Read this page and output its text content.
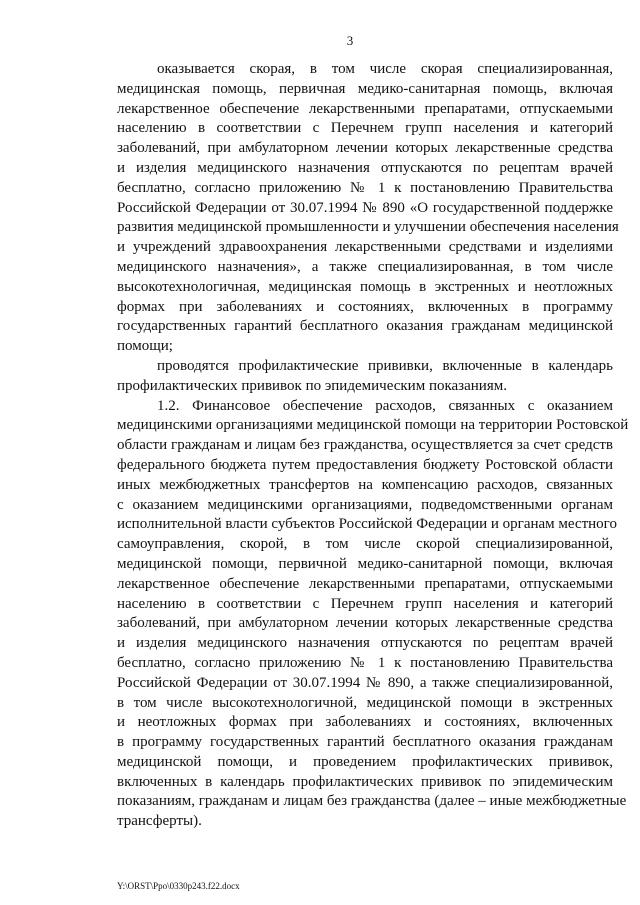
3
оказывается скорая, в том числе скорая специализированная,
медицинская помощь, первичная медико-санитарная помощь, включая
лекарственное обеспечение лекарственными препаратами, отпускаемыми
населению в соответствии с Перечнем групп населения и категорий
заболеваний, при амбулаторном лечении которых лекарственные средства
и изделия медицинского назначения отпускаются по рецептам врачей
бесплатно, согласно приложению № 1 к постановлению Правительства
Российской Федерации от 30.07.1994 № 890 «О государственной поддержке
развития медицинской промышленности и улучшении обеспечения населения
и учреждений здравоохранения лекарственными средствами и изделиями
медицинского назначения», а также специализированная, в том числе
высокотехнологичная, медицинская помощь в экстренных и неотложных
формах при заболеваниях и состояниях, включенных в программу
государственных гарантий бесплатного оказания гражданам медицинской
помощи;
проводятся профилактические прививки, включенные в календарь
профилактических прививок по эпидемическим показаниям.
1.2. Финансовое обеспечение расходов, связанных с оказанием
медицинскими организациями медицинской помощи на территории Ростовской
области гражданам и лицам без гражданства, осуществляется за счет средств
федерального бюджета путем предоставления бюджету Ростовской области
иных межбюджетных трансфертов на компенсацию расходов, связанных
с оказанием медицинскими организациями, подведомственными органам
исполнительной власти субъектов Российской Федерации и органам местного
самоуправления, скорой, в том числе скорой специализированной,
медицинской помощи, первичной медико-санитарной помощи, включая
лекарственное обеспечение лекарственными препаратами, отпускаемыми
населению в соответствии с Перечнем групп населения и категорий
заболеваний, при амбулаторном лечении которых лекарственные средства
и изделия медицинского назначения отпускаются по рецептам врачей
бесплатно, согласно приложению № 1 к постановлению Правительства
Российской Федерации от 30.07.1994 № 890, а также специализированной,
в том числе высокотехнологичной, медицинской помощи в экстренных
и неотложных формах при заболеваниях и состояниях, включенных
в программу государственных гарантий бесплатного оказания гражданам
медицинской помощи, и проведением профилактических прививок,
включенных в календарь профилактических прививок по эпидемическим
показаниям, гражданам и лицам без гражданства (далее – иные межбюджетные
трансферты).
Y:\ORST\Ppo\0330p243.f22.docx
